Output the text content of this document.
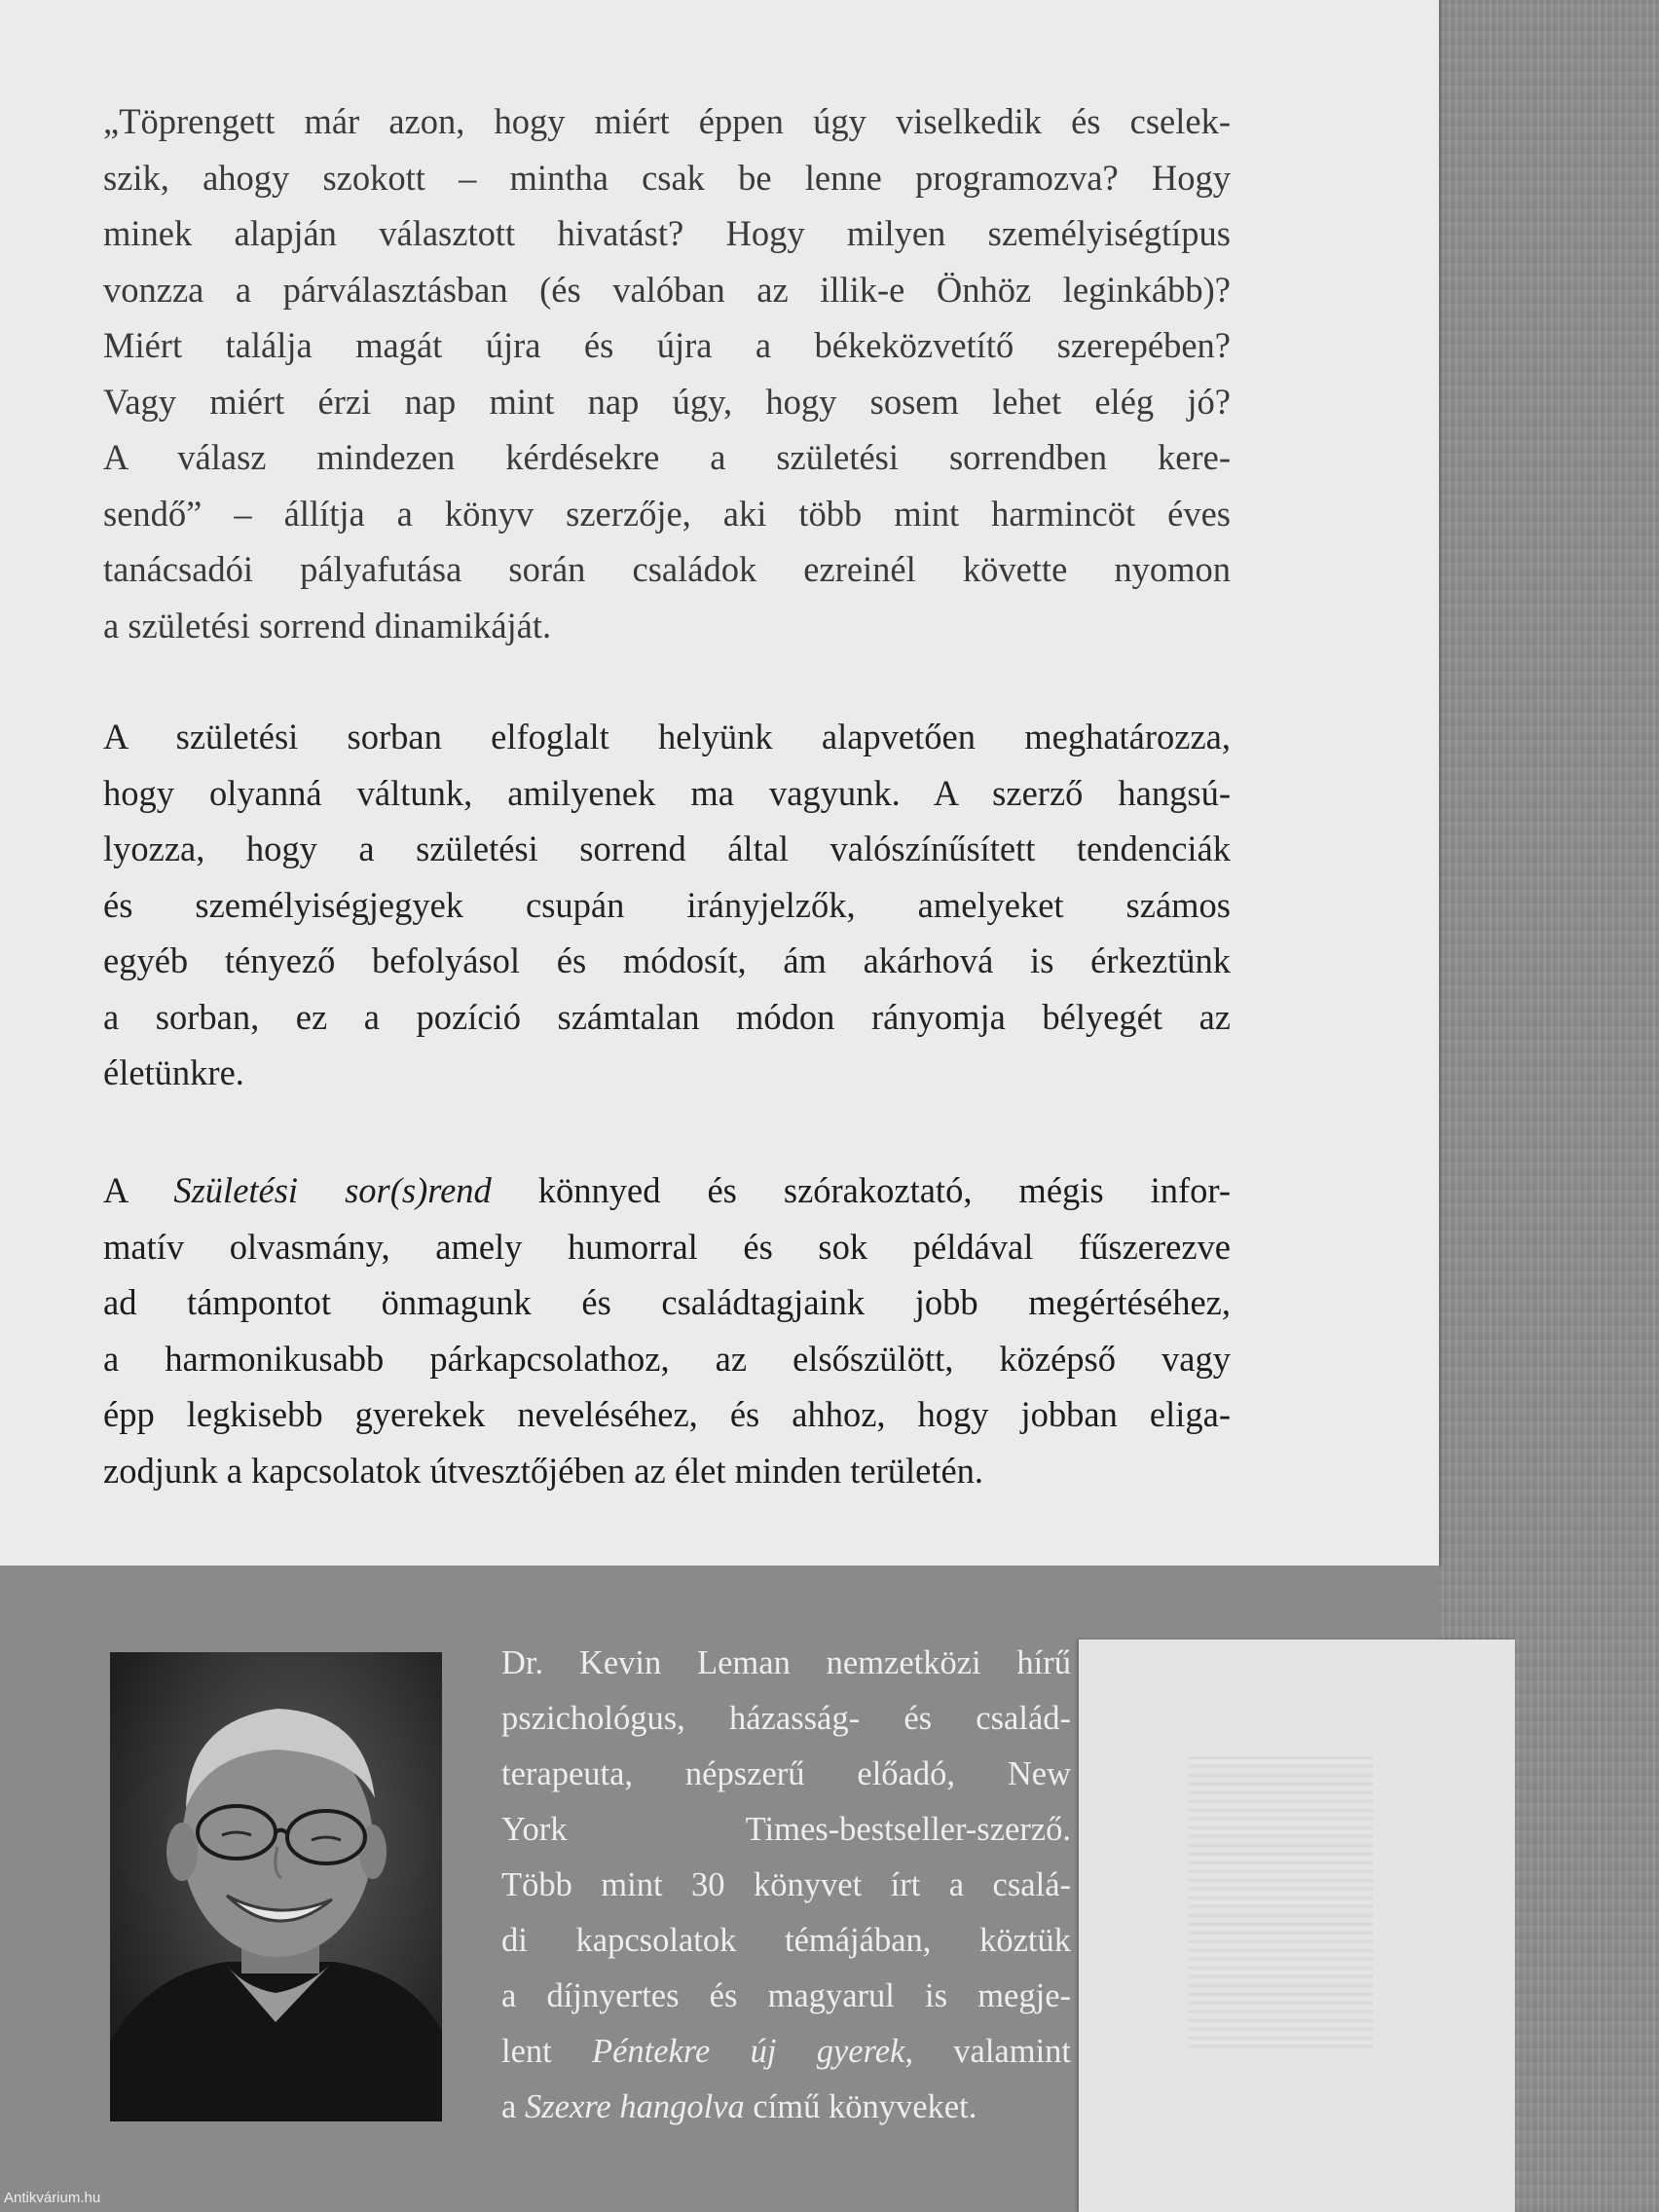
„Töprengett már azon, hogy miért éppen úgy viselkedik és cselek-
szik, ahogy szokott – mintha csak be lenne programozva? Hogy
minek alapján választott hivatást? Hogy milyen személyiségtípus
vonzza a párválasztásban (és valóban az illik-e Önhöz leginkább)?
Miért találja magát újra és újra a békeközvetítő szerepében?
Vagy miért érzi nap mint nap úgy, hogy sosem lehet elég jó?
A válasz mindezen kérdésekre a születési sorrendben kere-
sendő” – állítja a könyv szerzője, aki több mint harmincöt éves
tanácsadói pályafutása során családok ezreinél követte nyomon
a születési sorrend dinamikáját.
A születési sorban elfoglalt helyünk alapvetően meghatározza,
hogy olyanná váltunk, amilyenek ma vagyunk. A szerző hangsú-
lyozza, hogy a születési sorrend által valószínűsített tendenciák
és személyiségjegyek csupán irányjelzők, amelyeket számos
egyéb tényező befolyásol és módosít, ám akárhová is érkeztünk
a sorban, ez a pozíció számtalan módon rányomja bélyegét az
életünkre.
A Születési sor(s)rend könnyed és szórakoztató, mégis infor-
matív olvasmány, amely humorral és sok példával fűszerezve
ad támpontot önmagunk és családtagjaink jobb megértéséhez,
a harmonikusabb párkapcsolathoz, az elsőszülött, középső vagy
épp legkisebb gyerekek neveléséhez, és ahhoz, hogy jobban eliga-
zodjunk a kapcsolatok útvesztőjében az élet minden területén.
Dr. Kevin Leman nemzetközi hírű
pszichológus, házasság- és család-
terapeuta, népszerű előadó, New
York Times-bestseller-szerző.
Több mint 30 könyvet írt a csalá-
di kapcsolatok témájában, köztük
a díjnyertes és magyarul is megje-
lent Péntekre új gyerek, valamint
a Szexre hangolva című könyveket.
Antikvárium.hu
